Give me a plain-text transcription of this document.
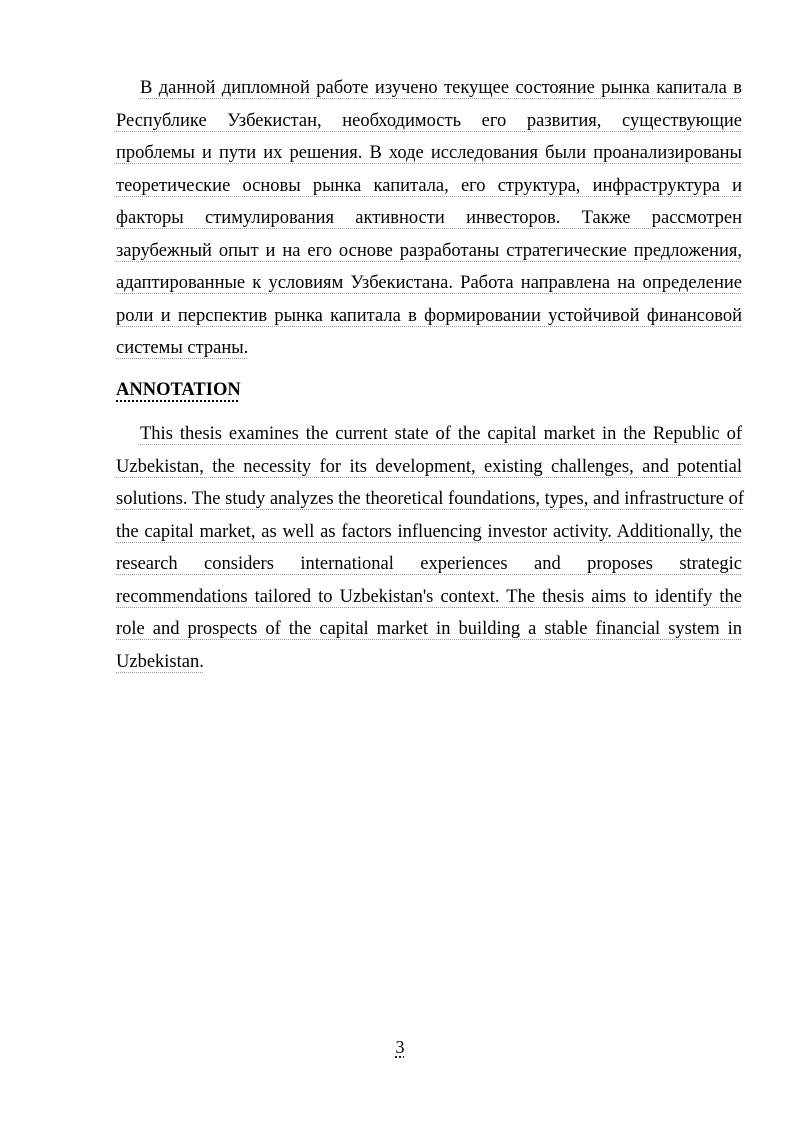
В данной дипломной работе изучено текущее состояние рынка капитала в
Республике Узбекистан, необходимость его развития, существующие
проблемы и пути их решения. В ходе исследования были проанализированы
теоретические основы рынка капитала, его структура, инфраструктура и
факторы стимулирования активности инвесторов. Также рассмотрен
зарубежный опыт и на его основе разработаны стратегические предложения,
адаптированные к условиям Узбекистана. Работа направлена на определение
роли и перспектив рынка капитала в формировании устойчивой финансовой
системы страны.
ANNOTATION
This thesis examines the current state of the capital market in the Republic of
Uzbekistan, the necessity for its development, existing challenges, and potential
solutions. The study analyzes the theoretical foundations, types, and infrastructure of
the capital market, as well as factors influencing investor activity. Additionally, the
research considers international experiences and proposes strategic
recommendations tailored to Uzbekistan's context. The thesis aims to identify the
role and prospects of the capital market in building a stable financial system in
Uzbekistan.
3
